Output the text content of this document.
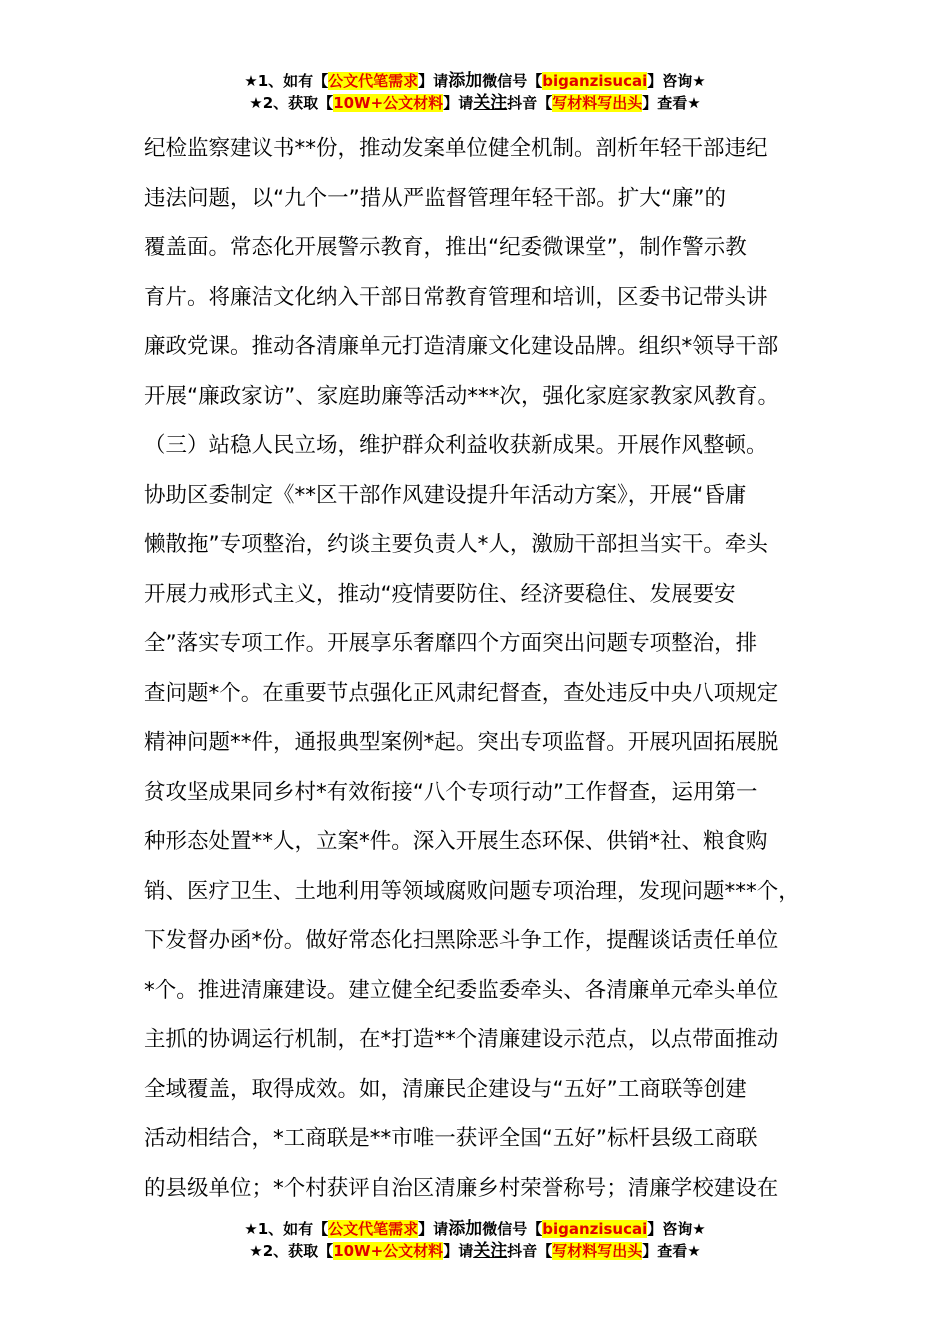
★1、如有【公文代笔需求】请添加微信号【biganzisucai】咨询★
★2、获取【10W+公文材料】请关注抖音【写材料写出头】查看★
纪检监察建议书**份，推动发案单位健全机制。剖析年轻干部违纪
违法问题，以“九个一”措从严监督管理年轻干部。扩大“廉”的
覆盖面。常态化开展警示教育，推出“纪委微课堂”，制作警示教
育片。将廉洁文化纳入干部日常教育管理和培训，区委书记带头讲
廉政党课。推动各清廉单元打造清廉文化建设品牌。组织*领导干部
开展“廉政家访”、家庭助廉等活动***次，强化家庭家教家风教育。
（三）站稳人民立场，维护群众利益收获新成果。开展作风整顿。
协助区委制定《**区干部作风建设提升年活动方案》，开展“昏庸
懒散拖”专项整治，约谈主要负责人*人，激励干部担当实干。牵头
开展力戒形式主义，推动“疫情要防住、经济要稳住、发展要安
全”落实专项工作。开展享乐奢靡四个方面突出问题专项整治，排
查问题*个。在重要节点强化正风肃纪督查，查处违反中央八项规定
精神问题**件，通报典型案例*起。突出专项监督。开展巩固拓展脱
贫攻坚成果同乡村*有效衔接“八个专项行动”工作督查，运用第一
种形态处置**人，立案*件。深入开展生态环保、供销*社、粮食购
销、医疗卫生、土地利用等领域腐败问题专项治理，发现问题***个，
下发督办函*份。做好常态化扫黑除恶斗争工作，提醒谈话责任单位
*个。推进清廉建设。建立健全纪委监委牵头、各清廉单元牵头单位
主抓的协调运行机制，在*打造**个清廉建设示范点，以点带面推动
全域覆盖，取得成效。如，清廉民企建设与“五好”工商联等创建
活动相结合，*工商联是**市唯一获评全国“五好”标杆县级工商联
的县级单位；*个村获评自治区清廉乡村荣誉称号；清廉学校建设在
★1、如有【公文代笔需求】请添加微信号【biganzisucai】咨询★
★2、获取【10W+公文材料】请关注抖音【写材料写出头】查看★
